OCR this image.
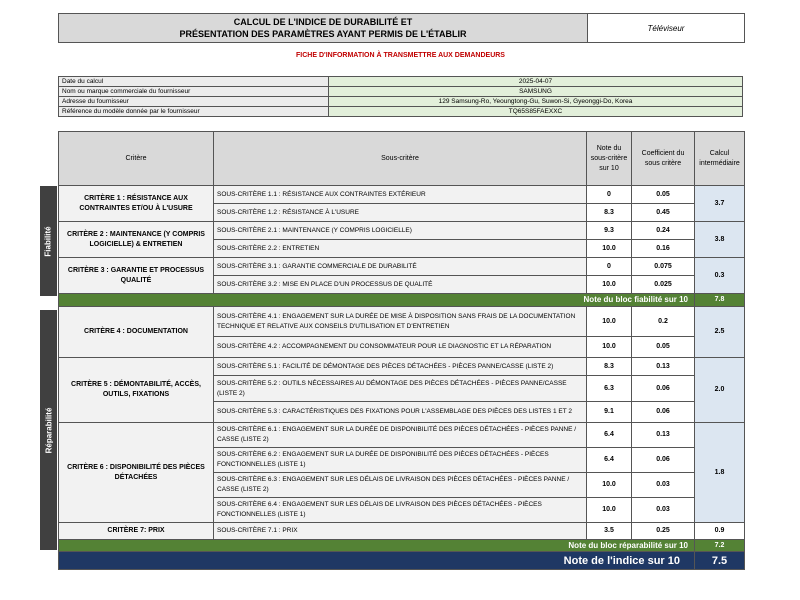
CALCUL DE L'INDICE DE DURABILITÉ ET
PRÉSENTATION DES PARAMÈTRES AYANT PERMIS DE L'ÉTABLIR
Téléviseur
FICHE D'INFORMATION À TRANSMETTRE AUX DEMANDEURS
Date du calcul	2025-04-07
Nom ou marque commerciale du fournisseur	SAMSUNG
Adresse du fournisseur	129 Samsung-Ro, Yeoungtong-Gu, Suwon-Si, Gyeonggi-Do, Korea
Référence du modèle donnée par le fournisseur	TQ65S85FAEXXC
Fiabilité
Réparabilité
Critère	Sous-critère	Note du sous-critère sur 10	Coefficient du sous critère	Calcul intermédiaire
CRITÈRE 1 : RÉSISTANCE AUX CONTRAINTES ET/OU À L'USURE	SOUS-CRITÈRE 1.1 : RÉSISTANCE AUX CONTRAINTES EXTÉRIEUR	0	0.05	3.7
	SOUS-CRITÈRE 1.2 : RÉSISTANCE À L'USURE	8.3	0.45	
CRITÈRE 2 : MAINTENANCE (Y COMPRIS LOGICIELLE) & ENTRETIEN	SOUS-CRITÈRE 2.1 : MAINTENANCE (Y COMPRIS LOGICIELLE)	9.3	0.24	3.8
	SOUS-CRITÈRE 2.2 : ENTRETIEN	10.0	0.16	
CRITÈRE 3 : GARANTIE ET PROCESSUS QUALITÉ	SOUS-CRITÈRE 3.1 : GARANTIE COMMERCIALE DE DURABILITÉ	0	0.075	0.3
	SOUS-CRITÈRE 3.2 : MISE EN PLACE D'UN PROCESSUS DE QUALITÉ	10.0	0.025	
Note du bloc fiabilité sur 10				7.8
CRITÈRE 4 : DOCUMENTATION	SOUS-CRITÈRE 4.1 : ENGAGEMENT SUR LA DURÉE DE MISE À DISPOSITION SANS FRAIS DE LA DOCUMENTATION TECHNIQUE ET RELATIVE AUX CONSEILS D'UTILISATION ET D'ENTRETIEN	10.0	0.2	2.5
	SOUS-CRITÈRE 4.2 : ACCOMPAGNEMENT DU CONSOMMATEUR POUR LE DIAGNOSTIC ET LA RÉPARATION	10.0	0.05	
CRITÈRE 5 : DÉMONTABILITÉ, ACCÈS, OUTILS, FIXATIONS	SOUS-CRITÈRE 5.1 : FACILITÉ DE DÉMONTAGE DES PIÈCES DÉTACHÉES - PIÈCES PANNE/CASSE (LISTE 2)	8.3	0.13	2.0
	SOUS-CRITÈRE 5.2 : OUTILS NÉCESSAIRES AU DÉMONTAGE DES PIÈCES DÉTACHÉES - PIÈCES PANNE/CASSE (LISTE 2)	6.3	0.06	
	SOUS-CRITÈRE 5.3 : CARACTÉRISTIQUES DES FIXATIONS POUR L'ASSEMBLAGE DES PIÈCES DES LISTES 1 ET 2	9.1	0.06	
CRITÈRE 6 : DISPONIBILITÉ DES PIÈCES DÉTACHÉES	SOUS-CRITÈRE 6.1 : ENGAGEMENT SUR LA DURÉE DE DISPONIBILITÉ DES PIÈCES DÉTACHÉES - PIÈCES PANNE / CASSE (LISTE 2)	6.4	0.13	1.8
	SOUS-CRITÈRE 6.2 : ENGAGEMENT SUR LA DURÉE DE DISPONIBILITÉ DES PIÈCES DÉTACHÉES - PIÈCES FONCTIONNELLES (LISTE 1)	6.4	0.06	
	SOUS-CRITÈRE 6.3 : ENGAGEMENT SUR LES DÉLAIS DE LIVRAISON DES PIÈCES DÉTACHÉES - PIÈCES PANNE / CASSE (LISTE 2)	10.0	0.03	
	SOUS-CRITÈRE 6.4 : ENGAGEMENT SUR LES DÉLAIS DE LIVRAISON DES PIÈCES DÉTACHÉES - PIÈCES FONCTIONNELLES (LISTE 1)	10.0	0.03	
CRITÈRE 7: PRIX	SOUS-CRITÈRE 7.1 : PRIX	3.5	0.25	0.9
Note du bloc réparabilité sur 10				7.2
Note de l'indice sur 10				7.5
